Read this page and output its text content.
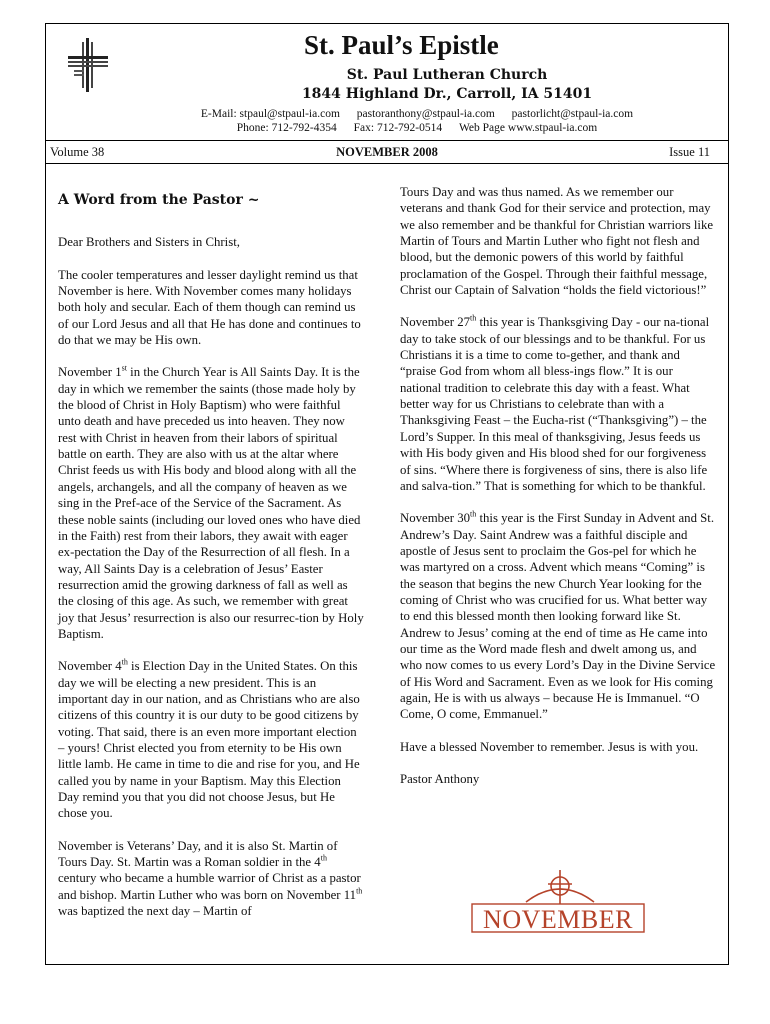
St. Paul’s Epistle
St. Paul Lutheran Church
1844 Highland Dr., Carroll, IA 51401
E-Mail: stpaul@stpaul-ia.com pastoranthony@stpaul-ia.com pastorlicht@stpaul-ia.com
Phone: 712-792-4354 Fax: 712-792-0514 Web Page www.stpaul-ia.com
Volume 38	NOVEMBER 2008	Issue 11
A Word from the Pastor ~

Dear Brothers and Sisters in Christ,

The cooler temperatures and lesser daylight remind us that November is here. With November comes many holidays both holy and secular. Each of them though can remind us of our Lord Jesus and all that He has done and continues to do that we may be His own.

November 1st in the Church Year is All Saints Day. It is the day in which we remember the saints (those made holy by the blood of Christ in Holy Baptism) who were faithful unto death and have preceded us into heaven. They now rest with Christ in heaven from their labors of spiritual battle on earth. They are also with us at the altar where Christ feeds us with His body and blood along with all the angels, archangels, and all the company of heaven as we sing in the Pref-ace of the Service of the Sacrament. As these noble saints (including our loved ones who have died in the Faith) rest from their labors, they await with eager ex-pectation the Day of the Resurrection of all flesh. In a way, All Saints Day is a celebration of Jesus’ Easter resurrection amid the growing darkness of fall as well as the closing of this age. As such, we remember with great joy that Jesus’ resurrection is also our resurrec-tion by Holy Baptism.

November 4th is Election Day in the United States. On this day we will be electing a new president. This is an important day in our nation, and as Christians who are also citizens of this country it is our duty to be good citizens by voting. That said, there is an even more important election – yours! Christ elected you from eternity to be His own little lamb. He came in time to die and rise for you, and He called you by name in your Baptism. May this Election Day remind you that you did not choose Jesus, but He chose you.

November is Veterans’ Day, and it is also St. Martin of Tours Day. St. Martin was a Roman soldier in the 4th century who became a humble warrior of Christ as a pastor and bishop. Martin Luther who was born on November 11th was baptized the next day – Martin of

Tours Day and was thus named. As we remember our veterans and thank God for their service and protection, may we also remember and be thankful for Christian warriors like Martin of Tours and Martin Luther who fight not flesh and blood, but the demonic powers of this world by faithful proclamation of the Gospel. Through their faithful message, Christ our Captain of Salvation “holds the field victorious!”

November 27th this year is Thanksgiving Day - our na-tional day to take stock of our blessings and to be thankful. For us Christians it is a time to come to-gether, and thank and “praise God from whom all bless-ings flow.” It is our national tradition to celebrate this day with a feast. What better way for us Christians to celebrate than with a Thanksgiving Feast – the Eucha-rist (“Thanksgiving”) – the Lord’s Supper. In this meal of thanksgiving, Jesus feeds us with His body given and His blood shed for our forgiveness of sins. “Where there is forgiveness of sins, there is also life and salva-tion.” That is something for which to be thankful.

November 30th this year is the First Sunday in Advent and St. Andrew’s Day. Saint Andrew was a faithful disciple and apostle of Jesus sent to proclaim the Gos-pel for which he was martyred on a cross. Advent which means “Coming” is the season that begins the new Church Year looking for the coming of Christ who was crucified for us. What better way to end this blessed month then looking forward like St. Andrew to Jesus’ coming at the end of time as He came into our time as the Word made flesh and dwelt among us, and who now comes to us every Lord’s Day in the Divine Service of His Word and Sacrament. Even as we look for His coming again, He is with us always – because He is Immanuel. “O Come, O come, Emmanuel.”

Have a blessed November to remember. Jesus is with you.

Pastor Anthony

NOVEMBER
